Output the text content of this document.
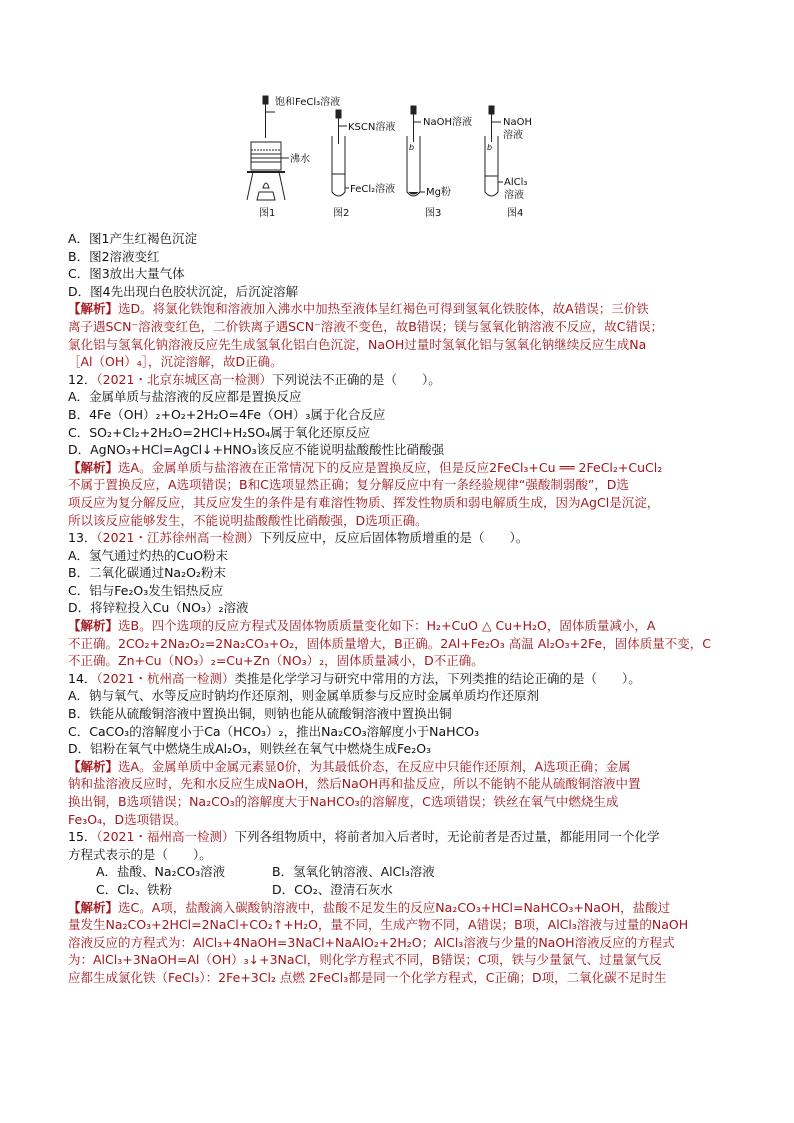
饱和FeCl₃溶液
沸水
图1
KSCN溶液
FeCl₂溶液
图2
b
NaOH溶液
Mg粉
图3
b
NaOH
溶液
AlCl₃
溶液
图4

A．图1产生红褐色沉淀

B．图2溶液变红

C．图3放出大量气体

D．图4先出现白色胶状沉淀，后沉淀溶解

【解析】选D。将氯化铁饱和溶液加入沸水中加热至液体呈红褐色可得到氢氧化铁胶体，故A错误；三价铁

离子遇SCN⁻溶液变红色，二价铁离子遇SCN⁻溶液不变色，故B错误；镁与氢氧化钠溶液不反应，故C错误；

氯化铝与氢氧化钠溶液反应先生成氢氧化铝白色沉淀，NaOH过量时氢氧化铝与氢氧化钠继续反应生成Na

［Al（OH）₄］，沉淀溶解，故D正确。

12．（2021・北京东城区高一检测）下列说法不正确的是（　　）。

A．金属单质与盐溶液的反应都是置换反应

B．4Fe（OH）₂+O₂+2H₂O=4Fe（OH）₃属于化合反应

C．SO₂+Cl₂+2H₂O=2HCl+H₂SO₄属于氧化还原反应

D．AgNO₃+HCl=AgCl↓+HNO₃该反应不能说明盐酸酸性比硝酸强

【解析】选A。金属单质与盐溶液在正常情况下的反应是置换反应，但是反应2FeCl₃+Cu ══ 2FeCl₂+CuCl₂

不属于置换反应，A选项错误；B和C选项显然正确；复分解反应中有一条经验规律“强酸制弱酸”，D选

项反应为复分解反应，其反应发生的条件是有难溶性物质、挥发性物质和弱电解质生成，因为AgCl是沉淀，

所以该反应能够发生，不能说明盐酸酸性比硝酸强，D选项正确。

13．（2021・江苏徐州高一检测）下列反应中，反应后固体物质增重的是（　　）。

A．氢气通过灼热的CuO粉末

B．二氧化碳通过Na₂O₂粉末

C．铝与Fe₂O₃发生铝热反应

D．将锌粒投入Cu（NO₃）₂溶液

【解析】选B。四个选项的反应方程式及固体物质质量变化如下：H₂+CuO △ Cu+H₂O，固体质量减小，A

不正确。2CO₂+2Na₂O₂=2Na₂CO₃+O₂，固体质量增大，B正确。2Al+Fe₂O₃ 高温 Al₂O₃+2Fe，固体质量不变，C

不正确。Zn+Cu（NO₃）₂=Cu+Zn（NO₃）₂，固体质量减小，D不正确。

14．（2021・杭州高一检测）类推是化学学习与研究中常用的方法，下列类推的结论正确的是（　　）。

A．钠与氧气、水等反应时钠均作还原剂，则金属单质参与反应时金属单质均作还原剂

B．铁能从硫酸铜溶液中置换出铜，则钠也能从硫酸铜溶液中置换出铜

C．CaCO₃的溶解度小于Ca（HCO₃）₂，推出Na₂CO₃溶解度小于NaHCO₃

D．铝粉在氧气中燃烧生成Al₂O₃，则铁丝在氧气中燃烧生成Fe₂O₃

【解析】选A。金属单质中金属元素显0价，为其最低价态，在反应中只能作还原剂，A选项正确；金属

钠和盐溶液反应时，先和水反应生成NaOH，然后NaOH再和盐反应，所以不能钠不能从硫酸铜溶液中置

换出铜，B选项错误；Na₂CO₃的溶解度大于NaHCO₃的溶解度，C选项错误；铁丝在氧气中燃烧生成

Fe₃O₄，D选项错误。

15．（2021・福州高一检测）下列各组物质中，将前者加入后者时，无论前者是否过量，都能用同一个化学

方程式表示的是（　　）。

A．盐酸、Na₂CO₃溶液	B．氢氧化钠溶液、AlCl₃溶液
C．Cl₂、铁粉	D．CO₂、澄清石灰水

【解析】选C。A项，盐酸滴入碳酸钠溶液中，盐酸不足发生的反应Na₂CO₃+HCl=NaHCO₃+NaOH，盐酸过

量发生Na₂CO₃+2HCl=2NaCl+CO₂↑+H₂O，量不同，生成产物不同，A错误；B项，AlCl₃溶液与过量的NaOH

溶液反应的方程式为：AlCl₃+4NaOH=3NaCl+NaAlO₂+2H₂O；AlCl₃溶液与少量的NaOH溶液反应的方程式

为：AlCl₃+3NaOH=Al（OH）₃↓+3NaCl，则化学方程式不同，B错误；C项，铁与少量氯气、过量氯气反

应都生成氯化铁（FeCl₃）：2Fe+3Cl₂ 点燃 2FeCl₃都是同一个化学方程式，C正确；D项，二氧化碳不足时生
